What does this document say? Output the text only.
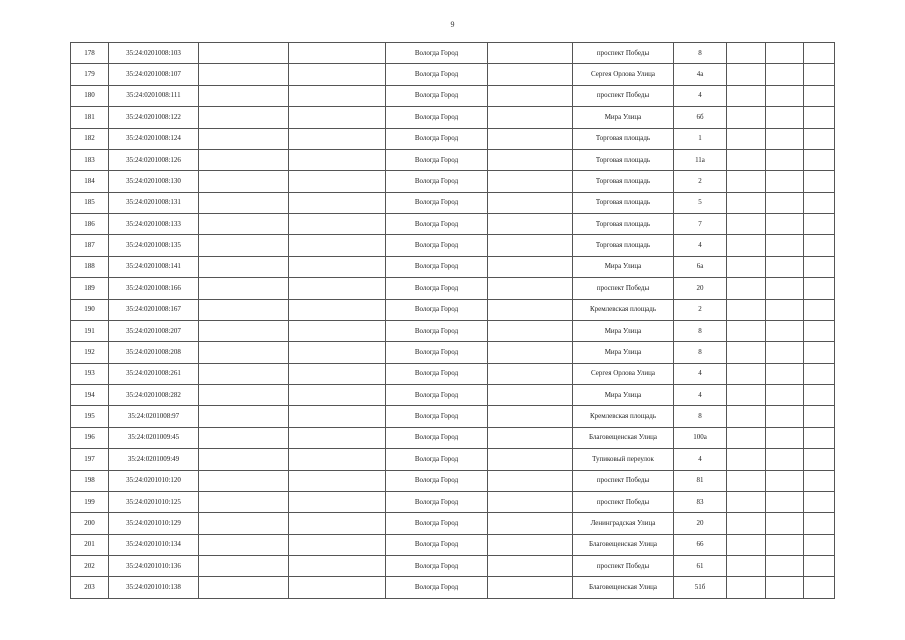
9
178	35:24:0201008:103			Вологда Город		проспект Победы	8			
179	35:24:0201008:107			Вологда Город		Сергея Орлова Улица	4а			
180	35:24:0201008:111			Вологда Город		проспект Победы	4			
181	35:24:0201008:122			Вологда Город		Мира Улица	6б			
182	35:24:0201008:124			Вологда Город		Торговая площадь	1			
183	35:24:0201008:126			Вологда Город		Торговая площадь	11а			
184	35:24:0201008:130			Вологда Город		Торговая площадь	2			
185	35:24:0201008:131			Вологда Город		Торговая площадь	5			
186	35:24:0201008:133			Вологда Город		Торговая площадь	7			
187	35:24:0201008:135			Вологда Город		Торговая площадь	4			
188	35:24:0201008:141			Вологда Город		Мира Улица	6а			
189	35:24:0201008:166			Вологда Город		проспект Победы	20			
190	35:24:0201008:167			Вологда Город		Кремлевская площадь	2			
191	35:24:0201008:207			Вологда Город		Мира Улица	8			
192	35:24:0201008:208			Вологда Город		Мира Улица	8			
193	35:24:0201008:261			Вологда Город		Сергея Орлова Улица	4			
194	35:24:0201008:282			Вологда Город		Мира Улица	4			
195	35:24:0201008:97			Вологда Город		Кремлевская площадь	8			
196	35:24:0201009:45			Вологда Город		Благовещенская Улица	100а			
197	35:24:0201009:49			Вологда Город		Тупиковый переулок	4			
198	35:24:0201010:120			Вологда Город		проспект Победы	81			
199	35:24:0201010:125			Вологда Город		проспект Победы	83			
200	35:24:0201010:129			Вологда Город		Ленинградская Улица	20			
201	35:24:0201010:134			Вологда Город		Благовещенская Улица	66			
202	35:24:0201010:136			Вологда Город		проспект Победы	61			
203	35:24:0201010:138			Вологда Город		Благовещенская Улица	51б			
